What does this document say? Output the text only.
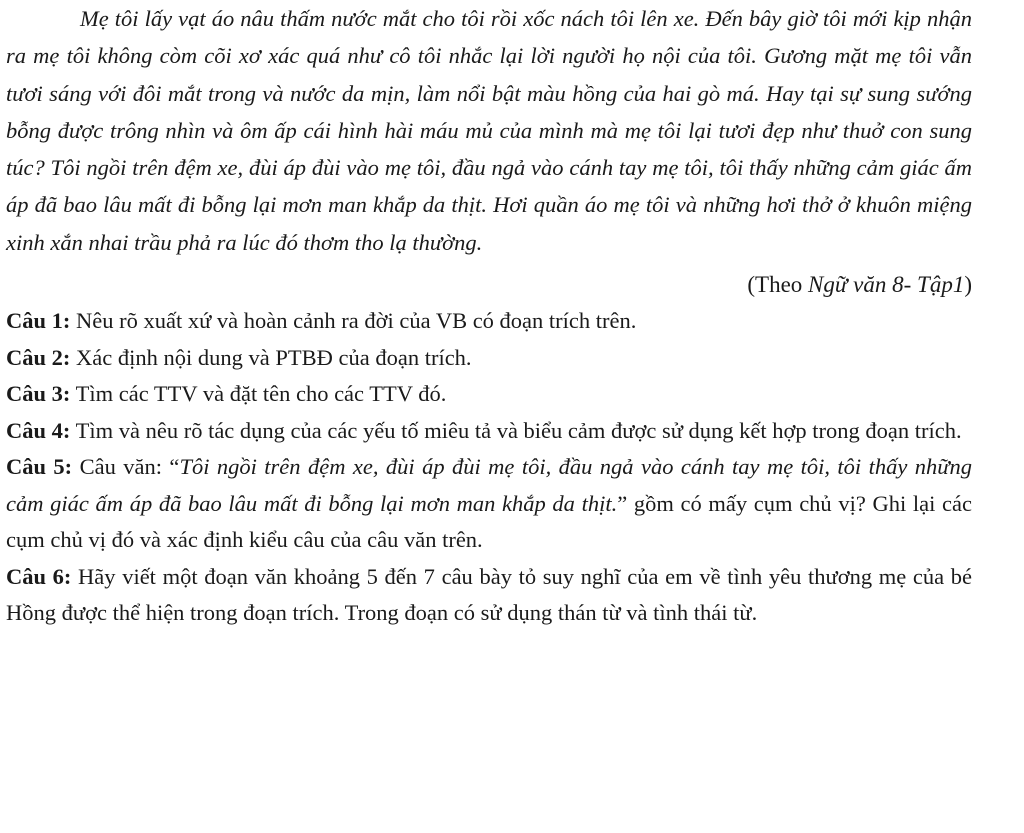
Mẹ tôi lấy vạt áo nâu thấm nước mắt cho tôi rồi xốc nách tôi lên xe. Đến bây giờ tôi mới kịp nhận ra mẹ tôi không còm cõi xơ xác quá như cô tôi nhắc lại lời người họ nội của tôi. Gương mặt mẹ tôi vẫn tươi sáng với đôi mắt trong và nước da mịn, làm nổi bật màu hồng của hai gò má. Hay tại sự sung sướng bỗng được trông nhìn và ôm ấp cái hình hài máu mủ của mình mà mẹ tôi lại tươi đẹp như thuở con sung túc? Tôi ngồi trên đệm xe, đùi áp đùi vào mẹ tôi, đầu ngả vào cánh tay mẹ tôi, tôi thấy những cảm giác ấm áp đã bao lâu mất đi bỗng lại mơn man khắp da thịt. Hơi quần áo mẹ tôi và những hơi thở ở khuôn miệng xinh xắn nhai trầu phả ra lúc đó thơm tho lạ thường.

(Theo Ngữ văn 8- Tập1)

Câu 1: Nêu rõ xuất xứ và hoàn cảnh ra đời của VB có đoạn trích trên.

Câu 2: Xác định nội dung và PTBĐ của đoạn trích.

Câu 3: Tìm các TTV và đặt tên cho các TTV đó.

Câu 4: Tìm và nêu rõ tác dụng của các yếu tố miêu tả và biểu cảm được sử dụng kết hợp trong đoạn trích.

Câu 5: Câu văn: “Tôi ngồi trên đệm xe, đùi áp đùi mẹ tôi, đầu ngả vào cánh tay mẹ tôi, tôi thấy những cảm giác ấm áp đã bao lâu mất đi bỗng lại mơn man khắp da thịt.” gồm có mấy cụm chủ vị? Ghi lại các cụm chủ vị đó và xác định kiểu câu của câu văn trên.

Câu 6: Hãy viết một đoạn văn khoảng 5 đến 7 câu bày tỏ suy nghĩ của em về tình yêu thương mẹ của bé Hồng được thể hiện trong đoạn trích. Trong đoạn có sử dụng thán từ và tình thái từ.
